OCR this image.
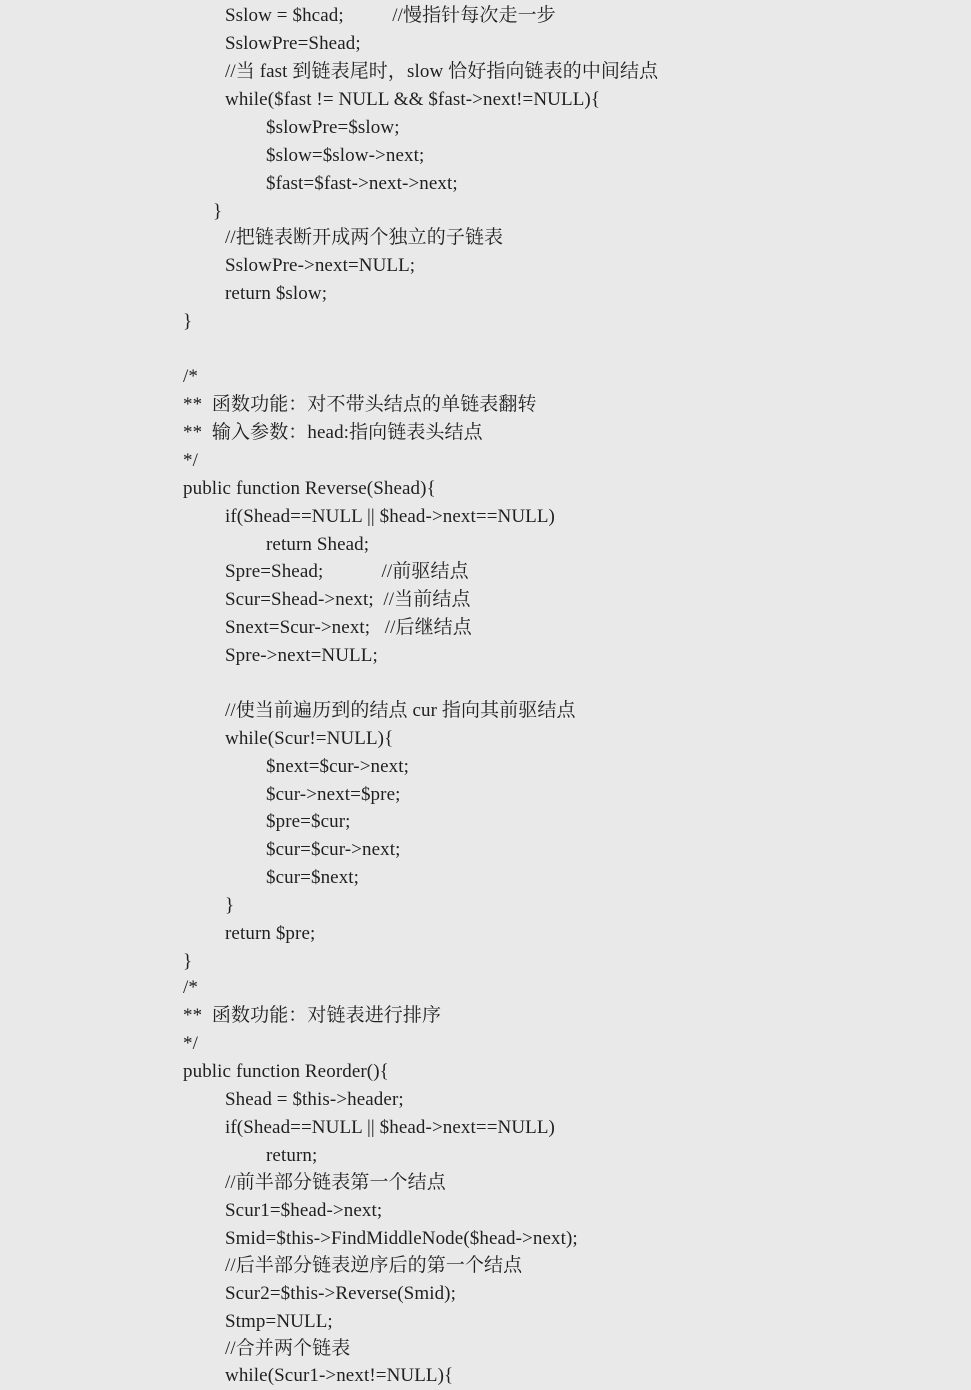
Sslow = $hcad;          //慢指针每次走一步
SslowPre=Shead;
//当 fast 到链表尾时，slow 恰好指向链表的中间结点
while($fast != NULL && $fast->next!=NULL){
$slowPre=$slow;
$slow=$slow->next;
$fast=$fast->next->next;
}
//把链表断开成两个独立的子链表
SslowPre->next=NULL;
return $slow;
}
/*
**  函数功能：对不带头结点的单链表翻转
**  输入参数：head:指向链表头结点
*/
public function Reverse(Shead){
if(Shead==NULL || $head->next==NULL)
return Shead;
Spre=Shead;            //前驱结点
Scur=Shead->next;  //当前结点
Snext=Scur->next;   //后继结点
Spre->next=NULL;
//使当前遍历到的结点 cur 指向其前驱结点
while(Scur!=NULL){
$next=$cur->next;
$cur->next=$pre;
$pre=$cur;
$cur=$cur->next;
$cur=$next;
}
return $pre;
}
/*
**  函数功能：对链表进行排序
*/
public function Reorder(){
Shead = $this->header;
if(Shead==NULL || $head->next==NULL)
return;
//前半部分链表第一个结点
Scur1=$head->next;
Smid=$this->FindMiddleNode($head->next);
//后半部分链表逆序后的第一个结点
Scur2=$this->Reverse(Smid);
Stmp=NULL;
//合并两个链表
while(Scur1->next!=NULL){
